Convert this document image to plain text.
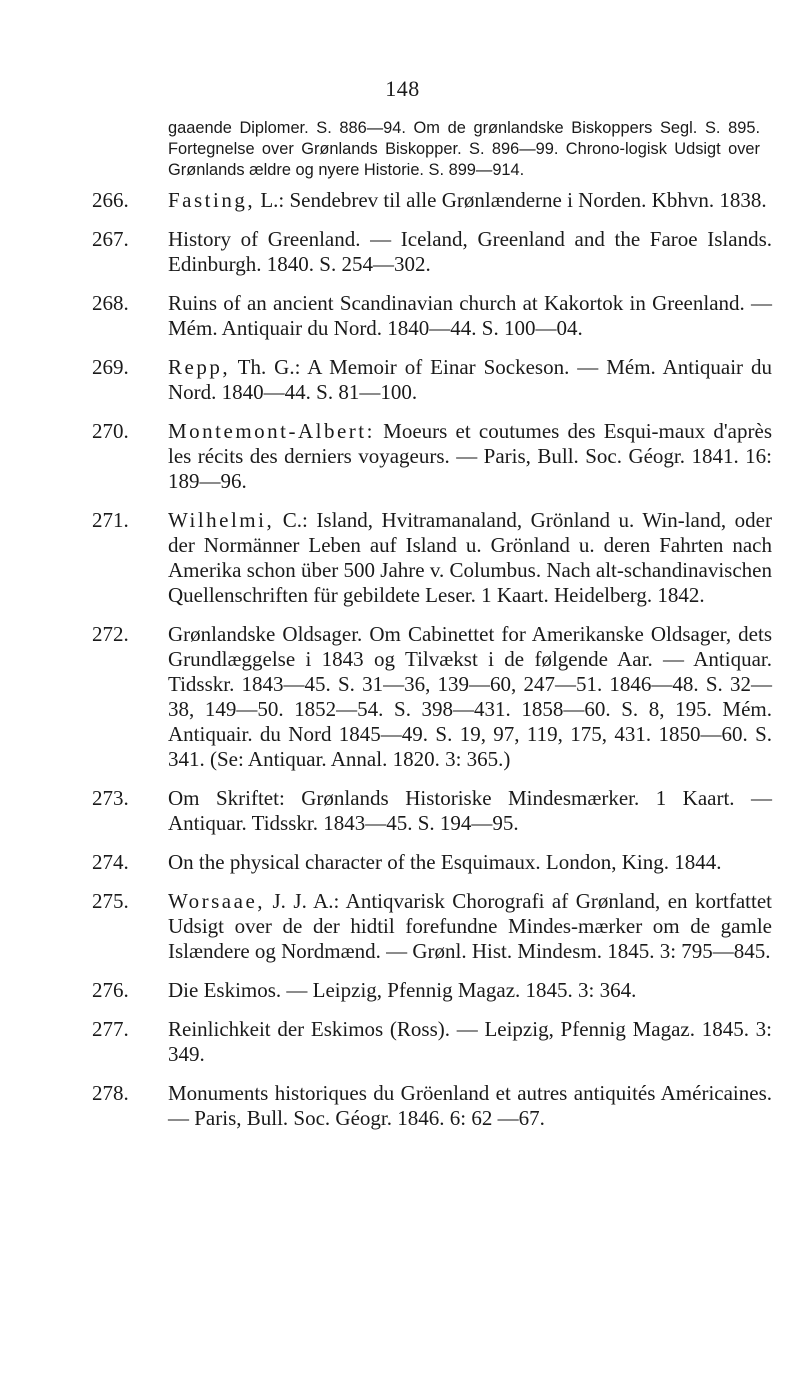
148
gaaende Diplomer. S. 886—94. Om de grønlandske Biskoppers Segl. S. 895. Fortegnelse over Grønlands Biskopper. S. 896—99. Chrono-logisk Udsigt over Grønlands ældre og nyere Historie. S. 899—914.
266.	Fasting, L.: Sendebrev til alle Grønlænderne i Norden. Kbhvn. 1838.
267.	History of Greenland. — Iceland, Greenland and the Faroe Islands. Edinburgh. 1840. S. 254—302.
268.	Ruins of an ancient Scandinavian church at Kakortok in Greenland. — Mém. Antiquair du Nord. 1840—44. S. 100—04.
269.	Repp, Th. G.: A Memoir of Einar Sockeson. — Mém. Antiquair du Nord. 1840—44. S. 81—100.
270.	Montemont-Albert: Moeurs et coutumes des Esqui-maux d'après les récits des derniers voyageurs. — Paris, Bull. Soc. Géogr. 1841. 16: 189—96.
271.	Wilhelmi, C.: Island, Hvitramanaland, Grönland u. Win-land, oder der Normänner Leben auf Island u. Grönland u. deren Fahrten nach Amerika schon über 500 Jahre v. Columbus. Nach alt-schandinavischen Quellenschriften für gebildete Leser. 1 Kaart. Heidelberg. 1842.
272.	Grønlandske Oldsager. Om Cabinettet for Amerikanske Oldsager, dets Grundlæggelse i 1843 og Tilvækst i de følgende Aar. — Antiquar. Tidsskr. 1843—45. S. 31—36, 139—60, 247—51. 1846—48. S. 32—38, 149—50. 1852—54. S. 398—431. 1858—60. S. 8, 195. Mém. Antiquair. du Nord 1845—49. S. 19, 97, 119, 175, 431. 1850—60. S. 341. (Se: Antiquar. Annal. 1820. 3: 365.)
273.	Om Skriftet: Grønlands Historiske Mindesmærker. 1 Kaart. — Antiquar. Tidsskr. 1843—45. S. 194—95.
274.	On the physical character of the Esquimaux. London, King. 1844.
275.	Worsaae, J. J. A.: Antiqvarisk Chorografi af Grønland, en kortfattet Udsigt over de der hidtil forefundne Mindes-mærker om de gamle Islændere og Nordmænd. — Grønl. Hist. Mindesm. 1845. 3: 795—845.
276.	Die Eskimos. — Leipzig, Pfennig Magaz. 1845. 3: 364.
277.	Reinlichkeit der Eskimos (Ross). — Leipzig, Pfennig Magaz. 1845. 3: 349.
278.	Monuments historiques du Gröenland et autres antiquités Américaines. — Paris, Bull. Soc. Géogr. 1846. 6: 62 —67.
